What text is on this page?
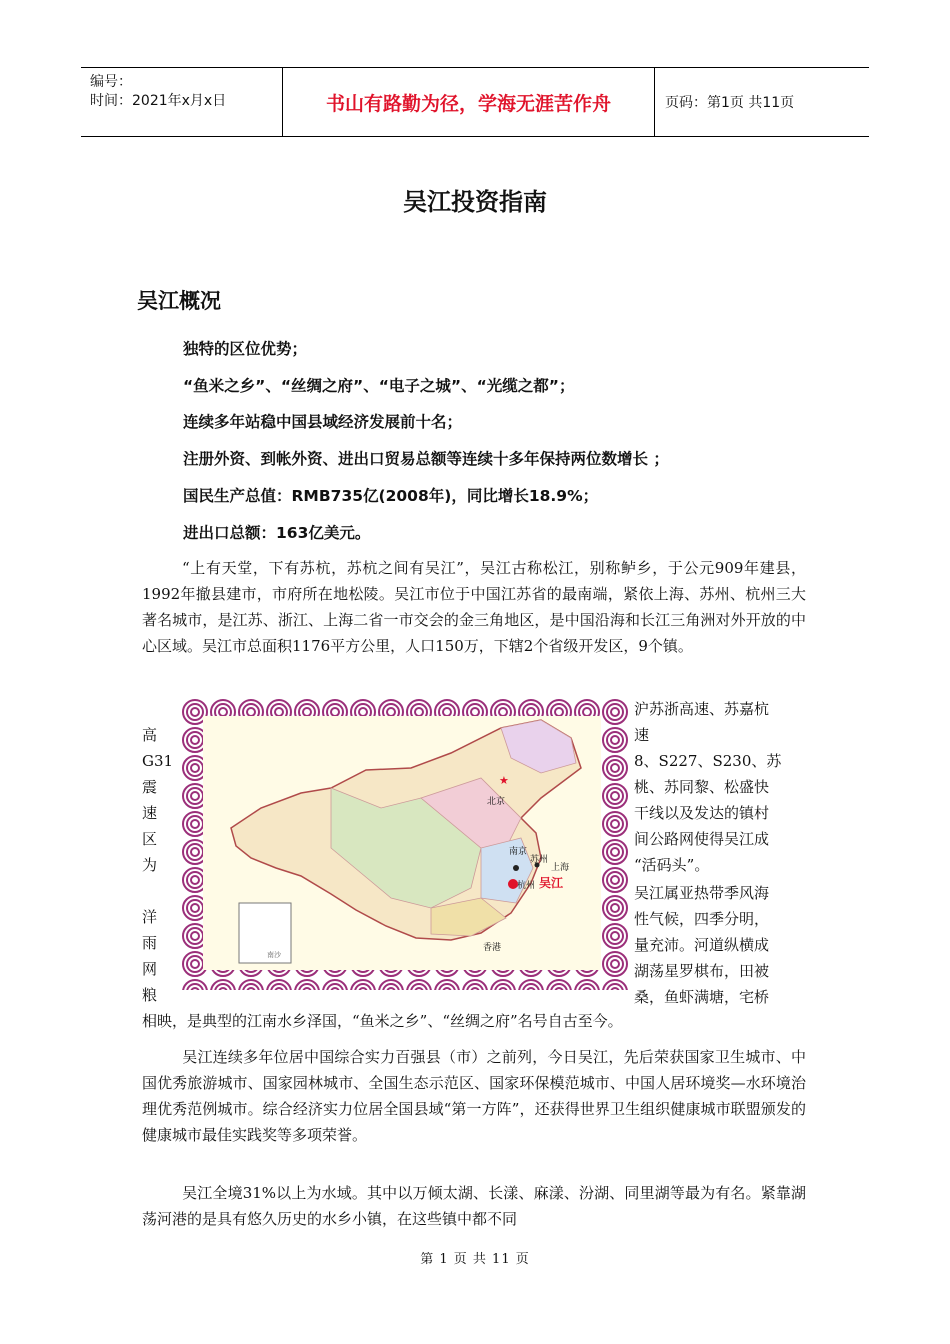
编号：
时间：2021年x月x日	书山有路勤为径，学海无涯苦作舟	页码：第1页 共11页
吴江投资指南
吴江概况
独特的区位优势；
“鱼米之乡”、“丝绸之府”、“电子之城”、“光缆之都”；
连续多年站稳中国县域经济发展前十名；
注册外资、到帐外资、进出口贸易总额等连续十多年保持两位数增长 ；
国民生产总值：RMB735亿(2008年)，同比增长18.9%；
进出口总额：163亿美元。

“上有天堂，下有苏杭，苏杭之间有吴江”，吴江古称松江，别称鲈乡，于公元909年建县，1992年撤县建市，市府所在地松陵。吴江市位于中国江苏省的最南端，紧依上海、苏州、杭州三大著名城市，是江苏、浙江、上海二省一市交会的金三角地区，是中国沿海和长江三角洲对外开放的中心区域。吴江市总面积1176平方公里，人口150万，下辖2个省级开发区，9个镇。

★
北京
南京
苏州
上海
杭州 吴江
香港
南沙
高
G31
震
速
区
为
洋
雨
网
粮
沪苏浙高速、苏嘉杭
速
8、S227、S230、苏
桃、苏同黎、松盛快
干线以及发达的镇村
间公路网使得吴江成
“活码头”。
吴江属亚热带季风海
性气候，四季分明，
量充沛。河道纵横成
湖荡星罗棋布，田被
桑，鱼虾满塘，宅桥

相映，是典型的江南水乡泽国，“鱼米之乡”、“丝绸之府”名号自古至今。

吴江连续多年位居中国综合实力百强县（市）之前列，今日吴江，先后荣获国家卫生城市、中国优秀旅游城市、国家园林城市、全国生态示范区、国家环保模范城市、中国人居环境奖—水环境治理优秀范例城市。综合经济实力位居全国县域“第一方阵”，还获得世界卫生组织健康城市联盟颁发的健康城市最佳实践奖等多项荣誉。

吴江全境31%以上为水域。其中以万倾太湖、长漾、麻漾、汾湖、同里湖等最为有名。紧靠湖荡河港的是具有悠久历史的水乡小镇，在这些镇中都不同

第 1 页 共 11 页
